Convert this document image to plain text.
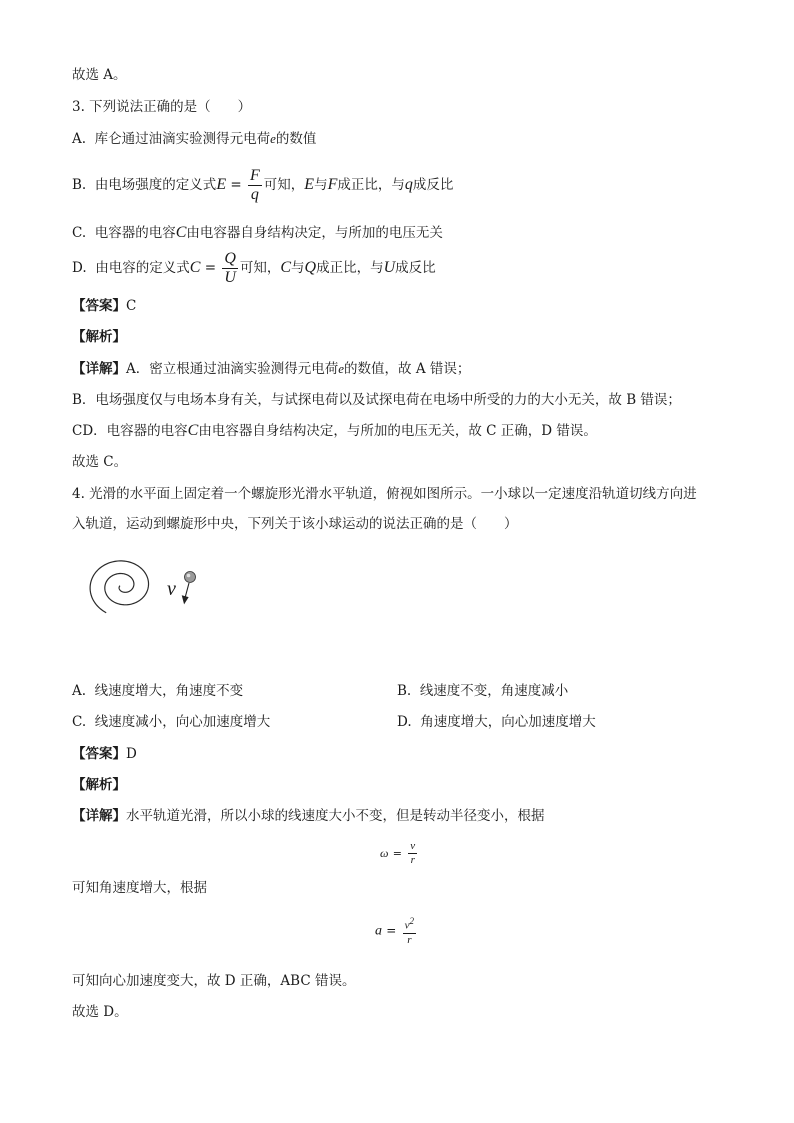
故选 A。
3. 下列说法正确的是（　　）
A. 库仑通过油滴实验测得元电荷e的数值
B. 由电场强度的定义式$E = \frac{F}{q}$ 可知，E与F成正比，与q成反比
C. 电容器的电容C由电容器自身结构决定，与所加的电压无关
D. 由电容的定义式$C = \frac{Q}{U}$ 可知，C与Q成正比，与U成反比
【答案】C
【解析】
【详解】A．密立根通过油滴实验测得元电荷e的数值，故 A 错误；
B．电场强度仅与电场本身有关，与试探电荷以及试探电荷在电场中所受的力的大小无关，故 B 错误；
CD．电容器的电容C由电容器自身结构决定，与所加的电压无关，故 C 正确，D 错误。
故选 C。
4. 光滑的水平面上固定着一个螺旋形光滑水平轨道，俯视如图所示。一小球以一定速度沿轨道切线方向进
入轨道，运动到螺旋形中央，下列关于该小球运动的说法正确的是（　　）
v
A. 线速度增大，角速度不变	B. 线速度不变，角速度减小
C. 线速度减小，向心加速度增大	D. 角速度增大，向心加速度增大
【答案】D
【解析】
【详解】水平轨道光滑，所以小球的线速度大小不变，但是转动半径变小，根据
$\omega = \frac{v}{r}$
可知角速度增大，根据
$a = \frac{v^2}{r}$
可知向心加速度变大，故 D 正确，ABC 错误。
故选 D。
